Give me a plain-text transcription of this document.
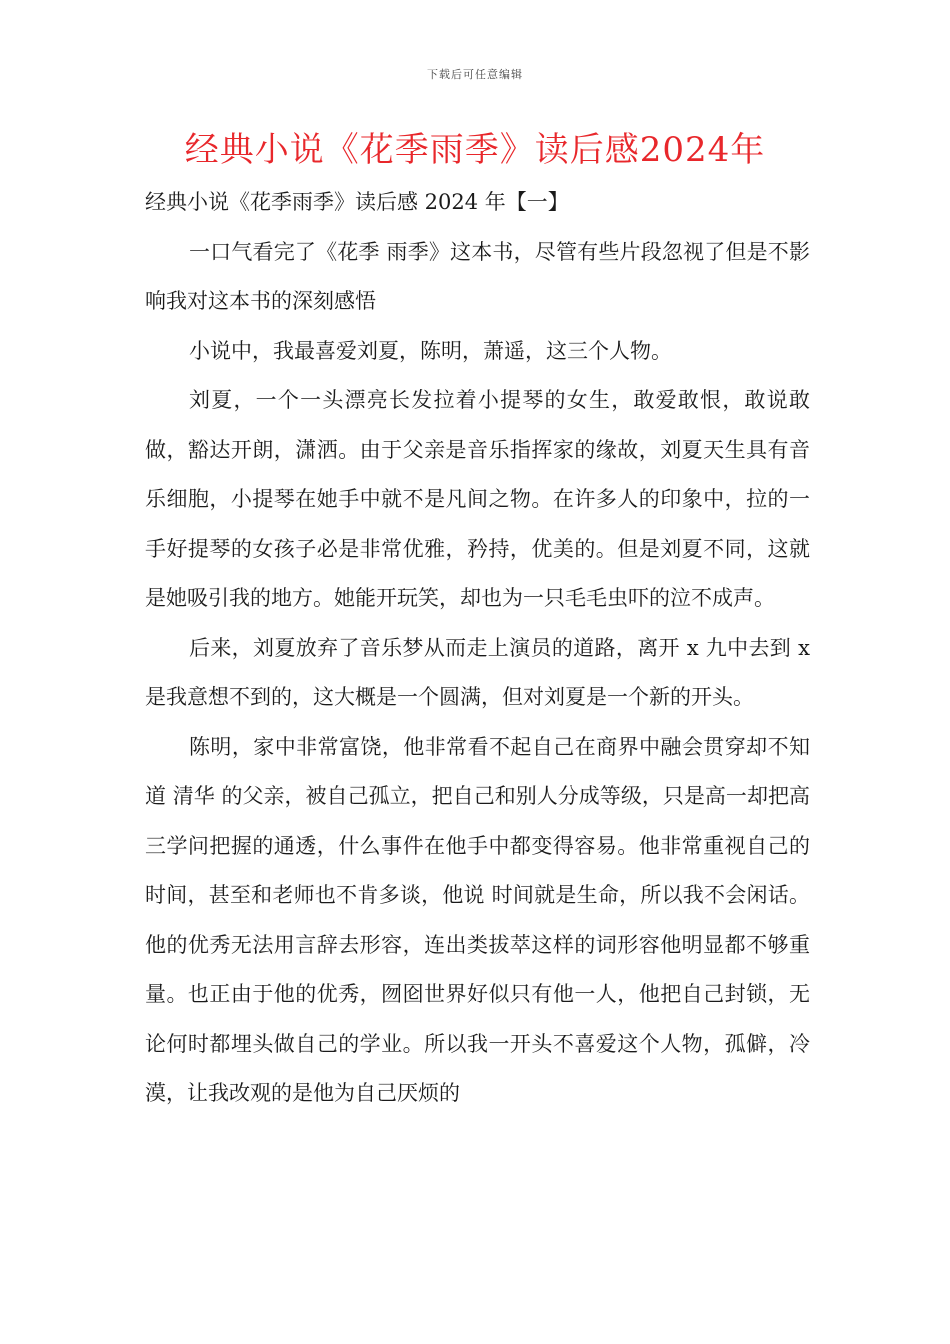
下载后可任意编辑
经典小说《花季雨季》读后感2024年

经典小说《花季雨季》读后感 2024 年【一】

一口气看完了《花季 雨季》这本书，尽管有些片段忽视了但是不影响我对这本书的深刻感悟

小说中，我最喜爱刘夏，陈明，萧遥，这三个人物。

刘夏，一个一头漂亮长发拉着小提琴的女生，敢爱敢恨，敢说敢做，豁达开朗，潇洒。由于父亲是音乐指挥家的缘故，刘夏天生具有音乐细胞，小提琴在她手中就不是凡间之物。在许多人的印象中，拉的一手好提琴的女孩子必是非常优雅，矜持，优美的。但是刘夏不同，这就是她吸引我的地方。她能开玩笑，却也为一只毛毛虫吓的泣不成声。

后来，刘夏放弃了音乐梦从而走上演员的道路，离开 x 九中去到 x 是我意想不到的，这大概是一个圆满，但对刘夏是一个新的开头。

陈明，家中非常富饶，他非常看不起自己在商界中融会贯穿却不知道 清华 的父亲，被自己孤立，把自己和别人分成等级，只是高一却把高三学问把握的通透，什么事件在他手中都变得容易。他非常重视自己的时间，甚至和老师也不肯多谈，他说 时间就是生命，所以我不会闲话。 他的优秀无法用言辞去形容，连出类拔萃这样的词形容他明显都不够重量。也正由于他的优秀，囫囵世界好似只有他一人，他把自己封锁，无论何时都埋头做自己的学业。所以我一开头不喜爱这个人物，孤僻，冷漠，让我改观的是他为自己厌烦的
